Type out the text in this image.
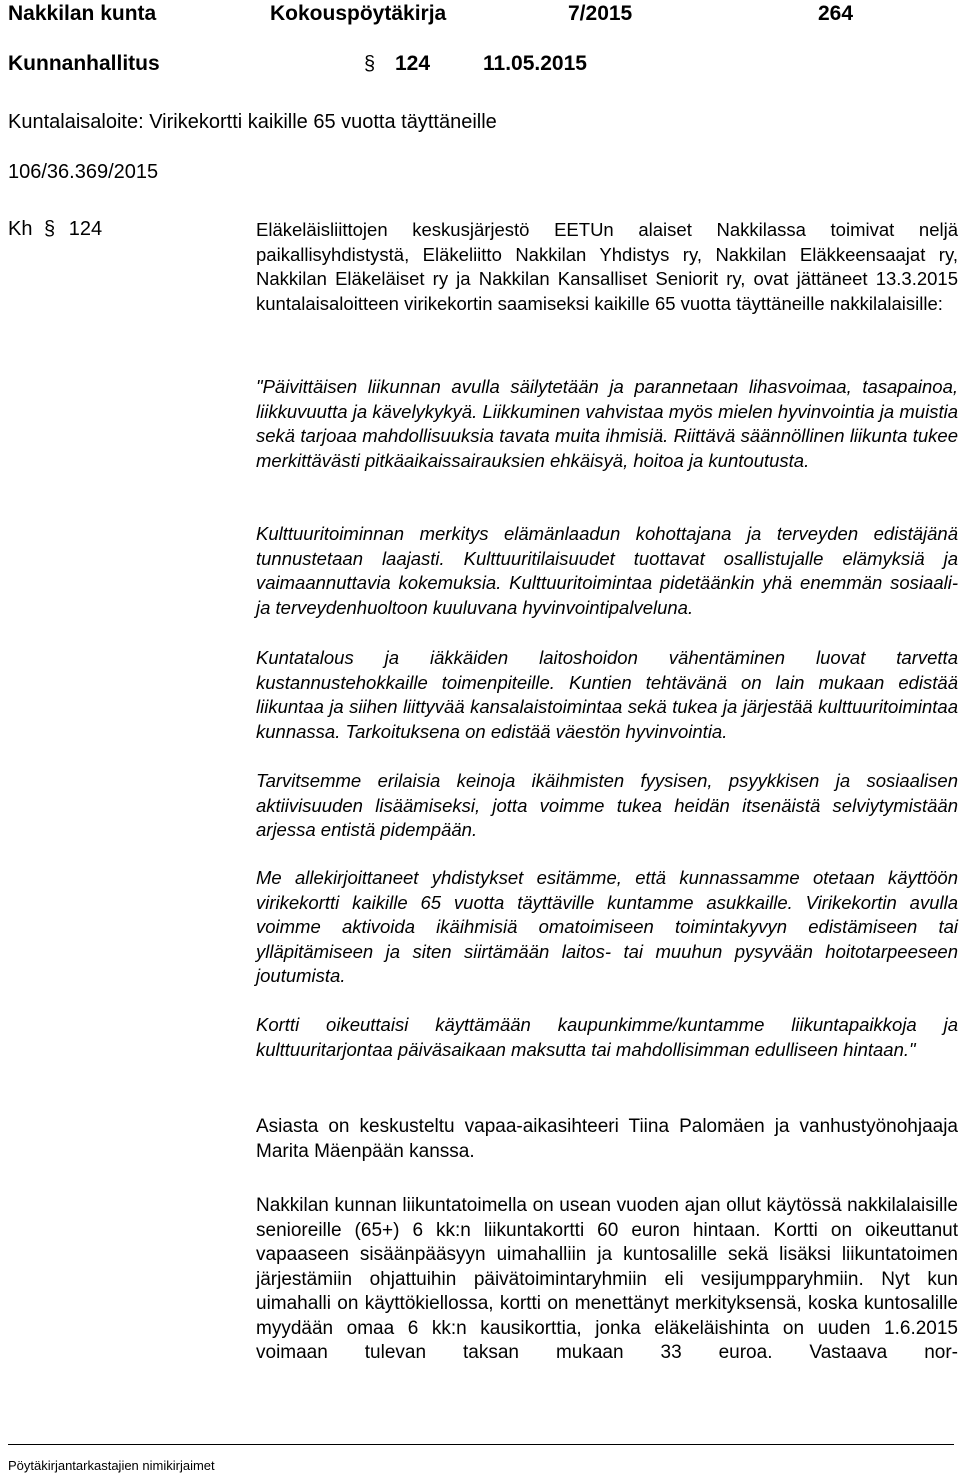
Nakkilan kunta	Kokouspöytäkirja	7/2015	264
Kunnanhallitus	§ 124	11.05.2015
Kuntalaisaloite: Virikekortti kaikille 65 vuotta täyttäneille
106/36.369/2015
Kh § 124	Eläkeläisliittojen keskusjärjestö EETUn alaiset Nakkilassa toimivat neljä paikallisyhdistystä, Eläkeliitto Nakkilan Yhdistys ry, Nakkilan Eläkkeensaajat ry, Nakkilan Eläkeläiset ry ja Nakkilan Kansalliset Seniorit ry, ovat jättäneet 13.3.2015 kuntalaisaloitteen virikekortin saamiseksi kaikille 65 vuotta täyttäneille nakkilalaisille:

"Päivittäisen liikunnan avulla säilytetään ja parannetaan lihasvoimaa, tasapainoa, liikkuvuutta ja kävelykykyä. Liikkuminen vahvistaa myös mielen hyvinvointia ja muistia sekä tarjoaa mahdollisuuksia tavata muita ihmisiä. Riittävä säännöllinen liikunta tukee merkittävästi pitkäaikaissairauksien ehkäisyä, hoitoa ja kuntoutusta.

Kulttuuritoiminnan merkitys elämänlaadun kohottajana ja terveyden edistäjänä tunnustetaan laajasti. Kulttuuritilaisuudet tuottavat osallistujalle elämyksiä ja vaimaannuttavia kokemuksia. Kulttuuritoimintaa pidetäänkin yhä enemmän sosiaali- ja terveydenhuoltoon kuuluvana hyvinvointipalveluna.

Kuntatalous ja iäkkäiden laitoshoidon vähentäminen luovat tarvetta kustannustehokkaille toimenpiteille. Kuntien tehtävänä on lain mukaan edistää liikuntaa ja siihen liittyvää kansalaistoimintaa sekä tukea ja järjestää kulttuuritoimintaa kunnassa. Tarkoituksena on edistää väestön hyvinvointia.

Tarvitsemme erilaisia keinoja ikäihmisten fyysisen, psyykkisen ja sosiaalisen aktiivisuuden lisäämiseksi, jotta voimme tukea heidän itsenäistä selviytymistään arjessa entistä pidempään.

Me allekirjoittaneet yhdistykset esitämme, että kunnassamme otetaan käyttöön virikekortti kaikille 65 vuotta täyttäville kuntamme asukkaille. Virikekortin avulla voimme aktivoida ikäihmisiä omatoimiseen toimintakyvyn edistämiseen tai ylläpitämiseen ja siten siirtämään laitos- tai muuhun pysyvään hoitotarpeeseen joutumista.

Kortti oikeuttaisi käyttämään kaupunkimme/kuntamme liikuntapaikkoja ja kulttuuritarjontaa päiväsaikaan maksutta tai mahdollisimman edulliseen hintaan."

Asiasta on keskusteltu vapaa-aikasihteeri Tiina Palomäen ja vanhustyönohjaaja Marita Mäenpään kanssa.

Nakkilan kunnan liikuntatoimella on usean vuoden ajan ollut käytössä nakkilalaisille senioreille (65+) 6 kk:n liikuntakortti 60 euron hintaan. Kortti on oikeuttanut vapaaseen sisäänpääsyyn uimahalliin ja kuntosalille sekä lisäksi liikuntatoimen järjestämiin ohjattuihin päivätoimintaryhmiin eli vesijumpparyhmiin. Nyt kun uimahalli on käyttökiellossa, kortti on menettänyt merkityksensä, koska kuntosalille myydään omaa 6 kk:n kausikorttia, jonka eläkeläishinta on uuden 1.6.2015 voimaan tulevan taksan mukaan 33 euroa. Vastaava nor-

Pöytäkirjantarkastajien nimikirjaimet
